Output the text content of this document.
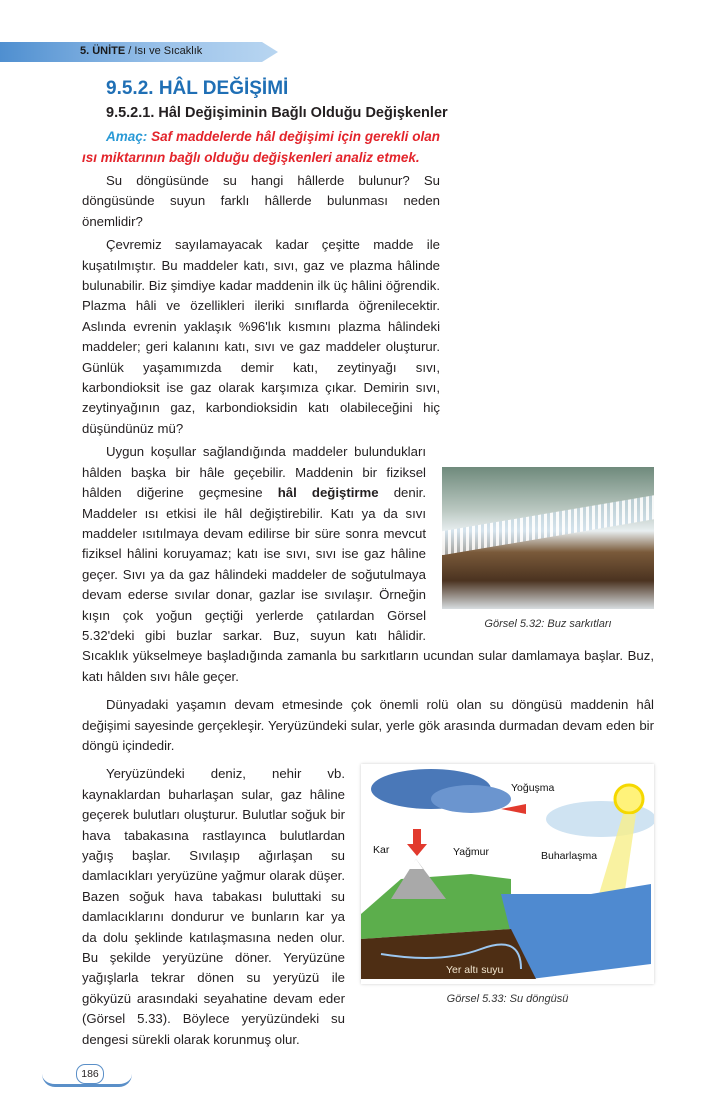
5. ÜNİTE / Isı ve Sıcaklık
9.5.2. HÂL DEĞİŞİMİ
9.5.2.1. Hâl Değişiminin Bağlı Olduğu Değişkenler
Amaç: Saf maddelerde hâl değişimi için gerekli olan ısı miktarının bağlı olduğu değişkenleri analiz etmek.

Su döngüsünde su hangi hâllerde bulunur? Su döngüsünde suyun farklı hâllerde bulunması neden önemlidir?

Çevremiz sayılamayacak kadar çeşitte madde ile kuşatılmıştır. Bu maddeler katı, sıvı, gaz ve plazma hâlinde bulunabilir. Biz şimdiye kadar maddenin ilk üç hâlini öğrendik. Plazma hâli ve özellikleri ileriki sınıflarda öğrenilecektir. Aslında evrenin yaklaşık %96'lık kısmını plazma hâlindeki maddeler; geri kalanını katı, sıvı ve gaz maddeler oluşturur. Günlük yaşamımızda demir katı, zeytinyağı sıvı, karbondioksit ise gaz olarak karşımıza çıkar. Demirin sıvı, zeytinyağının gaz, karbondioksidin katı olabileceğini hiç düşündünüz mü?

Görsel 5.32: Buz sarkıtları

Uygun koşullar sağlandığında maddeler bulundukları hâlden başka bir hâle geçebilir. Maddenin bir fiziksel hâlden diğerine geçmesine hâl değiştirme denir. Maddeler ısı etkisi ile hâl değiştirebilir. Katı ya da sıvı maddeler ısıtılmaya devam edilirse bir süre sonra mevcut fiziksel hâlini koruyamaz; katı ise sıvı, sıvı ise gaz hâline geçer. Sıvı ya da gaz hâlindeki maddeler de soğutulmaya devam ederse sıvılar donar, gazlar ise sıvılaşır. Örneğin kışın çok yoğun geçtiği yerlerde çatılardan Görsel 5.32'deki gibi buzlar sarkar. Buz, suyun katı hâlidir. Sıcaklık yükselmeye başladığında zamanla bu sarkıtların ucundan sular damlamaya başlar. Buz, katı hâlden sıvı hâle geçer.

Dünyadaki yaşamın devam etmesinde çok önemli rolü olan su döngüsü maddenin hâl değişimi sayesinde gerçekleşir. Yeryüzündeki sular, yerle gök arasında durmadan devam eden bir döngü içindedir.

Yoğuşma
Kar	Yağmur	Buharlaşma
Yer altı suyu
Görsel 5.33: Su döngüsü

Yeryüzündeki deniz, nehir vb. kaynaklardan buharlaşan sular, gaz hâline geçerek bulutları oluşturur. Bulutlar soğuk bir hava tabakasına rastlayınca bulutlardan yağış başlar. Sıvılaşıp ağırlaşan su damlacıkları yeryüzüne yağmur olarak düşer. Bazen soğuk hava tabakası buluttaki su damlacıklarını dondurur ve bunların kar ya da dolu şeklinde katılaşmasına neden olur. Bu şekilde yeryüzüne döner. Yeryüzüne yağışlarla tekrar dönen su yeryüzü ile gökyüzü arasındaki seyahatine devam eder (Görsel 5.33). Böylece yeryüzündeki su dengesi sürekli olarak korunmuş olur.

186
